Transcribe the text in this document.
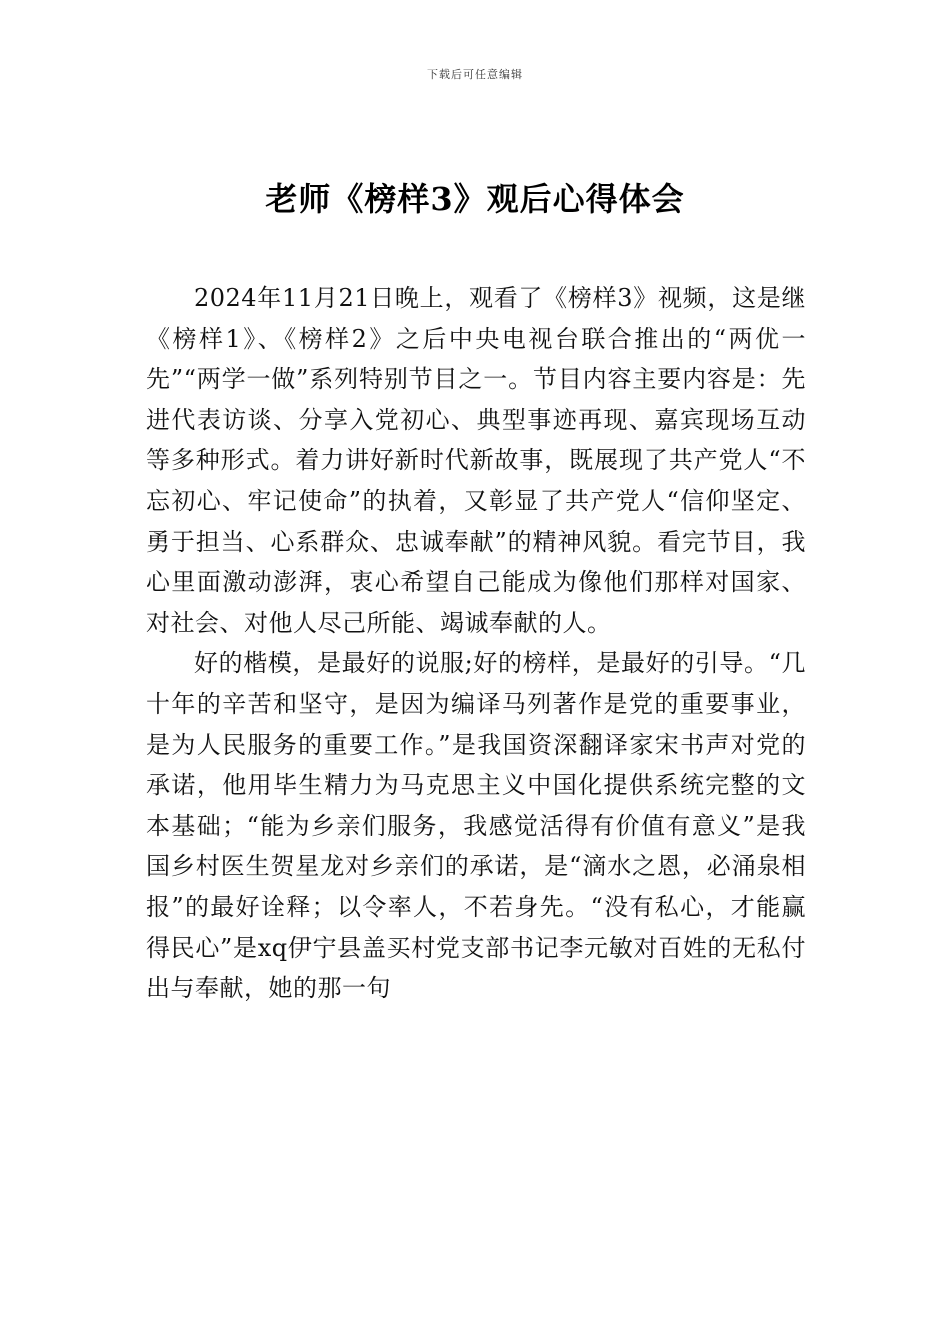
下载后可任意编辑
老师《榜样3》观后心得体会

2024年11月21日晚上，观看了《榜样3》视频，这是继《榜样1》、《榜样2》之后中央电视台联合推出的“两优一先”“两学一做”系列特别节目之一。节目内容主要内容是：先进代表访谈、分享入党初心、典型事迹再现、嘉宾现场互动等多种形式。着力讲好新时代新故事，既展现了共产党人“不忘初心、牢记使命”的执着，又彰显了共产党人“信仰坚定、勇于担当、心系群众、忠诚奉献”的精神风貌。看完节目，我心里面激动澎湃，衷心希望自己能成为像他们那样对国家、对社会、对他人尽己所能、竭诚奉献的人。

好的楷模，是最好的说服;好的榜样，是最好的引导。“几十年的辛苦和坚守，是因为编译马列著作是党的重要事业，是为人民服务的重要工作。”是我国资深翻译家宋书声对党的承诺，他用毕生精力为马克思主义中国化提供系统完整的文本基础；“能为乡亲们服务，我感觉活得有价值有意义”是我国乡村医生贺星龙对乡亲们的承诺，是“滴水之恩，必涌泉相报”的最好诠释；以令率人，不若身先。“没有私心，才能赢得民心”是xq伊宁县盖买村党支部书记李元敏对百姓的无私付出与奉献，她的那一句
